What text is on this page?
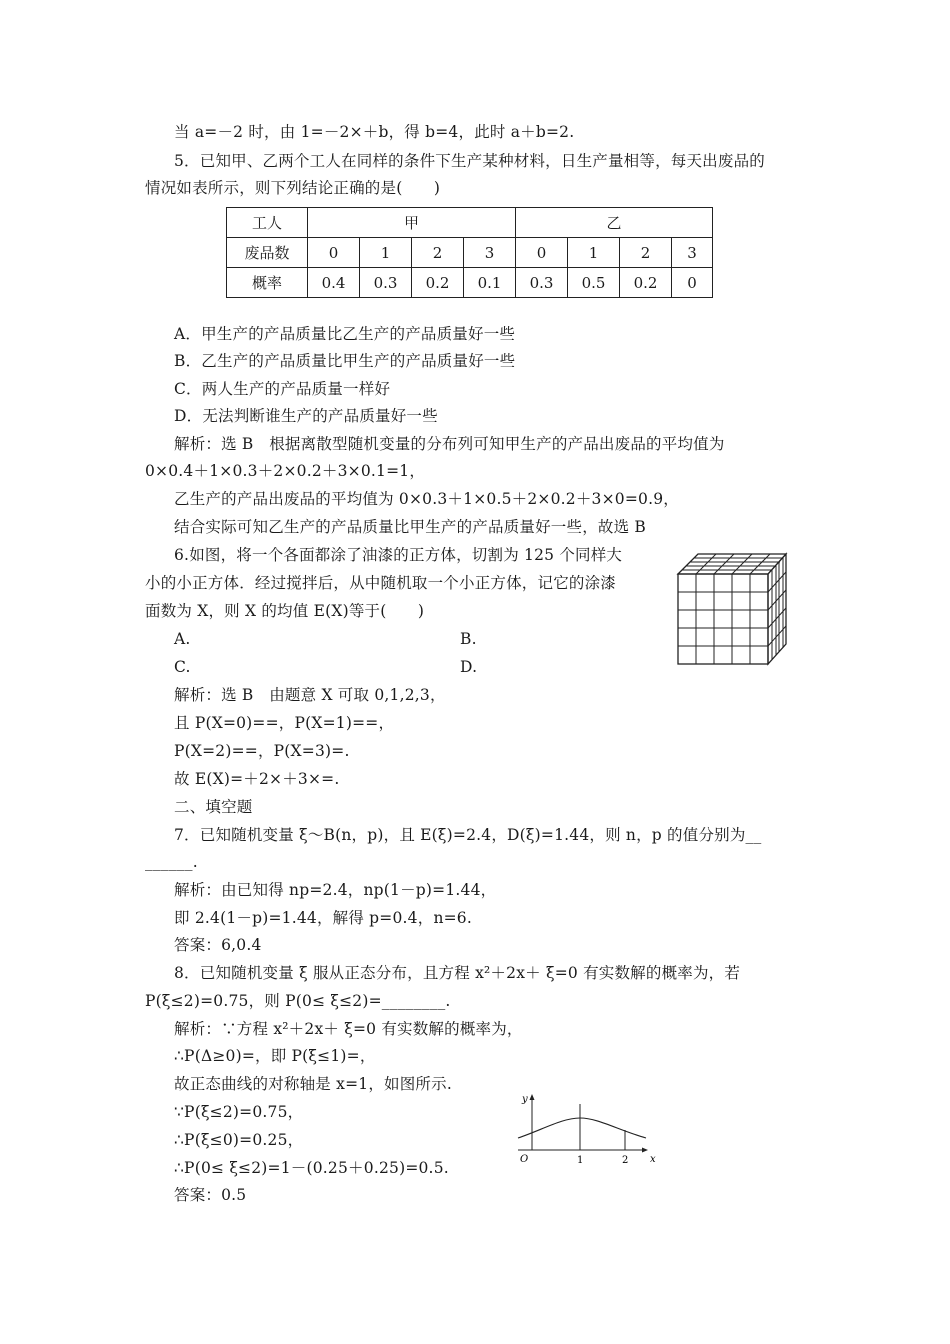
当 a=－2 时，由 1=－2×＋b，得 b=4，此时 a＋b=2.
5．已知甲、乙两个工人在同样的条件下生产某种材料，日生产量相等，每天出废品的
情况如表所示，则下列结论正确的是(　　)
工人	甲				乙			
废品数	0	1	2	3	0	1	2	3
概率	0.4	0.3	0.2	0.1	0.3	0.5	0.2	0
A．甲生产的产品质量比乙生产的产品质量好一些
B．乙生产的产品质量比甲生产的产品质量好一些
C．两人生产的产品质量一样好
D．无法判断谁生产的产品质量好一些
解析：选 B　根据离散型随机变量的分布列可知甲生产的产品出废品的平均值为
0×0.4＋1×0.3＋2×0.2＋3×0.1=1，
乙生产的产品出废品的平均值为 0×0.3＋1×0.5＋2×0.2＋3×0=0.9，
结合实际可知乙生产的产品质量比甲生产的产品质量好一些，故选 B
6.如图，将一个各面都涂了油漆的正方体，切割为 125 个同样大
小的小正方体．经过搅拌后，从中随机取一个小正方体，记它的涂漆
面数为 X，则 X 的均值 E(X)等于(　　)
A.	B.
C.	D.
解析：选 B　由题意 X 可取 0,1,2,3，
且 P(X=0)==，P(X=1)==，
P(X=2)==，P(X=3)=.
故 E(X)=＋2×＋3×=.
二、填空题
7．已知随机变量 ξ～B(n，p)，且 E(ξ)=2.4，D(ξ)=1.44，则 n，p 的值分别为__
______.
解析：由已知得 np=2.4，np(1－p)=1.44，
即 2.4(1－p)=1.44，解得 p=0.4，n=6.
答案：6,0.4
8．已知随机变量 ξ 服从正态分布，且方程 x²＋2x＋ ξ=0 有实数解的概率为，若
P(ξ≤2)=0.75，则 P(0≤ ξ≤2)=________.
解析：∵方程 x²＋2x＋ ξ=0 有实数解的概率为，
∴P(Δ≥0)=，即 P(ξ≤1)=，
故正态曲线的对称轴是 x=1，如图所示.
∵P(ξ≤2)=0.75，
∴P(ξ≤0)=0.25，
∴P(0≤ ξ≤2)=1－(0.25＋0.25)=0.5.
答案：0.5
y
x
O	1	2
